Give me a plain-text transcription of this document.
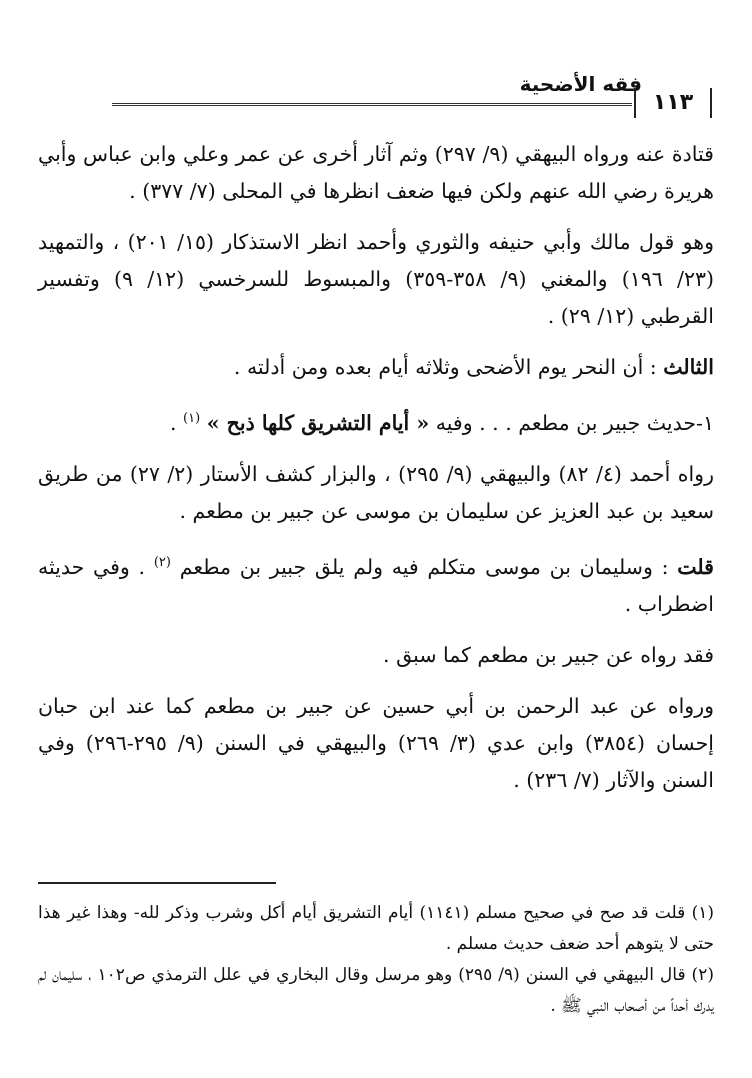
فقه الأضحية
١١٣

قتادة عنه ورواه البيهقي (٩/ ٢٩٧) وثم آثار أخرى عن عمر وعلي وابن عباس وأبي هريرة رضي الله عنهم ولكن فيها ضعف انظرها في المحلى (٧/ ٣٧٧) .

وهو قول مالك وأبي حنيفه والثوري وأحمد انظر الاستذكار (١٥/ ٢٠١) ، والتمهيد (٢٣/ ١٩٦) والمغني (٩/ ٣٥٨-٣٥٩) والمبسوط للسرخسي (١٢/ ٩) وتفسير القرطبي (١٢/ ٢٩) .

الثالث : أن النحر يوم الأضحى وثلاثه أيام بعده ومن أدلته .

١-حديث جبير بن مطعم . . . وفيه « أيام التشريق كلها ذبح » $^{(١)}$ .

رواه أحمد (٤/ ٨٢) والبيهقي (٩/ ٢٩٥) ، والبزار كشف الأستار (٢/ ٢٧) من طريق سعيد بن عبد العزيز عن سليمان بن موسى عن جبير بن مطعم .

قلت : وسليمان بن موسى متكلم فيه ولم يلق جبير بن مطعم $^{(٢)}$ . وفي حديثه اضطراب .

فقد رواه عن جبير بن مطعم كما سبق .

ورواه عن عبد الرحمن بن أبي حسين عن جبير بن مطعم كما عند ابن حبان إحسان (٣٨٥٤) وابن عدي (٣/ ٢٦٩) والبيهقي في السنن (٩/ ٢٩٥-٢٩٦) وفي السنن والآثار (٧/ ٢٣٦) .

(١) قلت قد صح في صحيح مسلم (١١٤١) أيام التشريق أيام أكل وشرب وذكر لله- وهذا غير هذا حتى لا يتوهم أحد ضعف حديث مسلم .

(٢) قال البيهقي في السنن (٩/ ٢٩٥) وهو مرسل وقال البخاري في علل الترمذي ص١٠٢ ، سليمان لم يدرك أحداً من أصحاب النبي ﷺ .
